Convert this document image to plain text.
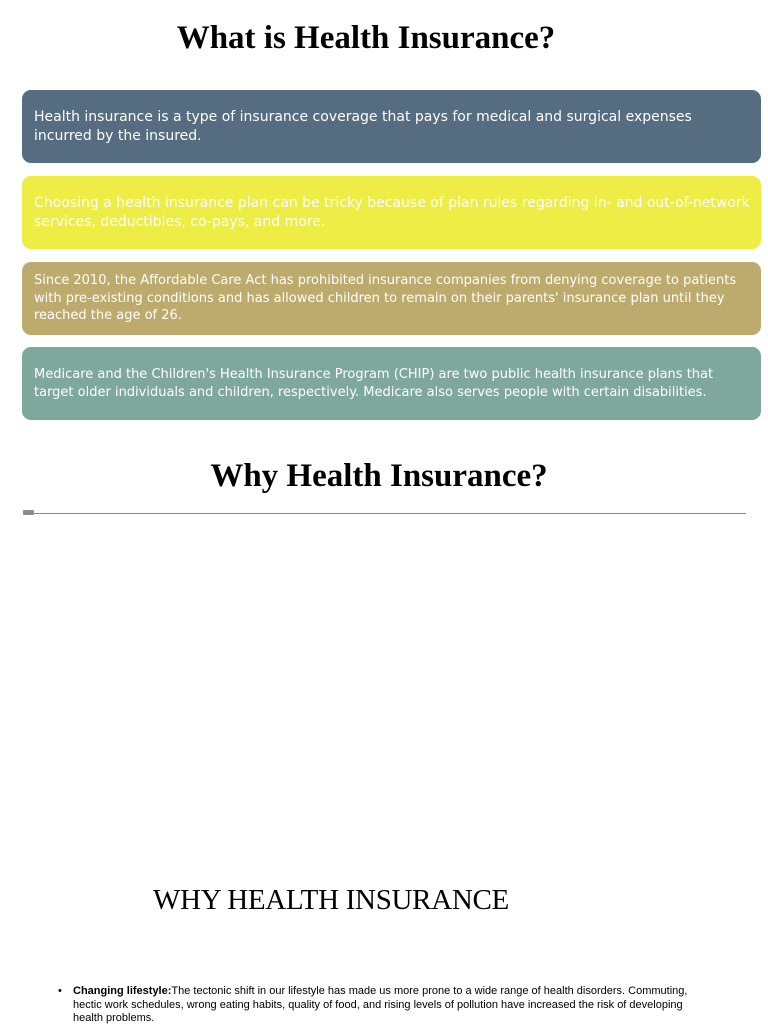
What is Health Insurance?
Health insurance is a type of insurance coverage that pays for medical and surgical expenses incurred by the insured.
Choosing a health insurance plan can be tricky because of plan rules regarding in- and out-of-network services, deductibles, co-pays, and more.
Since 2010, the Affordable Care Act has prohibited insurance companies from denying coverage to patients with pre-existing conditions and has allowed children to remain on their parents' insurance plan until they reached the age of 26.
Medicare and the Children's Health Insurance Program (CHIP) are two public health insurance plans that target older individuals and children, respectively. Medicare also serves people with certain disabilities.
Why Health Insurance?
WHY HEALTH INSURANCE
• Changing lifestyle:The tectonic shift in our lifestyle has made us more prone to a wide range of health disorders. Commuting, hectic work schedules, wrong eating habits, quality of food, and rising levels of pollution have increased the risk of developing health problems.
